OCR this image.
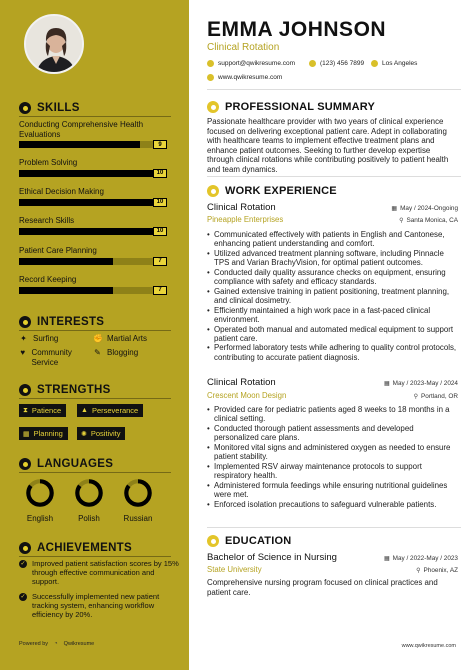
SKILLS
Conducting Comprehensive Health Evaluations
9
Problem Solving
10
Ethical Decision Making
10
Research Skills
10
Patient Care Planning
7
Record Keeping
7
INTERESTS
✦ Surfing	✊ Martial Arts
♥ Community Service
✎ Blogging
STRENGTHS
⧗ Patience	▲ Perseverance
▦ Planning	✺ Positivity
LANGUAGES
English	Polish	Russian
ACHIEVEMENTS
✓ Improved patient satisfaction scores by 15% through effective communication and support.
✓ Successfully implemented new patient tracking system, enhancing workflow efficiency by 20%.
Powered by ◔ Qwikresume
EMMA JOHNSON
Clinical Rotation
support@qwikresume.com	(123) 456 7899	Los Angeles
www.qwikresume.com
PROFESSIONAL SUMMARY
Passionate healthcare provider with two years of clinical experience focused on delivering exceptional patient care. Adept in collaborating with healthcare teams to implement effective treatment plans and enhance patient outcomes. Seeking to further develop expertise through clinical rotations while contributing positively to patient health and team dynamics.
WORK EXPERIENCE
Clinical Rotation	▦ May / 2024-Ongoing
Pineapple Enterprises	⚲ Santa Monica, CA
• Communicated effectively with patients in English and Cantonese, enhancing patient understanding and comfort.
• Utilized advanced treatment planning software, including Pinnacle TPS and Varian BrachyVision, for optimal patient outcomes.
• Conducted daily quality assurance checks on equipment, ensuring compliance with safety and efficacy standards.
• Gained extensive training in patient positioning, treatment planning, and clinical dosimetry.
• Efficiently maintained a high work pace in a fast-paced clinical environment.
• Operated both manual and automated medical equipment to support patient care.
• Performed laboratory tests while adhering to quality control protocols, contributing to accurate patient diagnosis.
Clinical Rotation	▦ May / 2023-May / 2024
Crescent Moon Design	⚲ Portland, OR
• Provided care for pediatric patients aged 8 weeks to 18 months in a clinical setting.
• Conducted thorough patient assessments and developed personalized care plans.
• Monitored vital signs and administered oxygen as needed to ensure patient stability.
• Implemented RSV airway maintenance protocols to support respiratory health.
• Administered formula feedings while ensuring nutritional guidelines were met.
• Enforced isolation precautions to safeguard vulnerable patients.
EDUCATION
Bachelor of Science in Nursing	▦ May / 2022-May / 2023
State University	⚲ Phoenix, AZ
Comprehensive nursing program focused on clinical practices and patient care.
www.qwikresume.com
